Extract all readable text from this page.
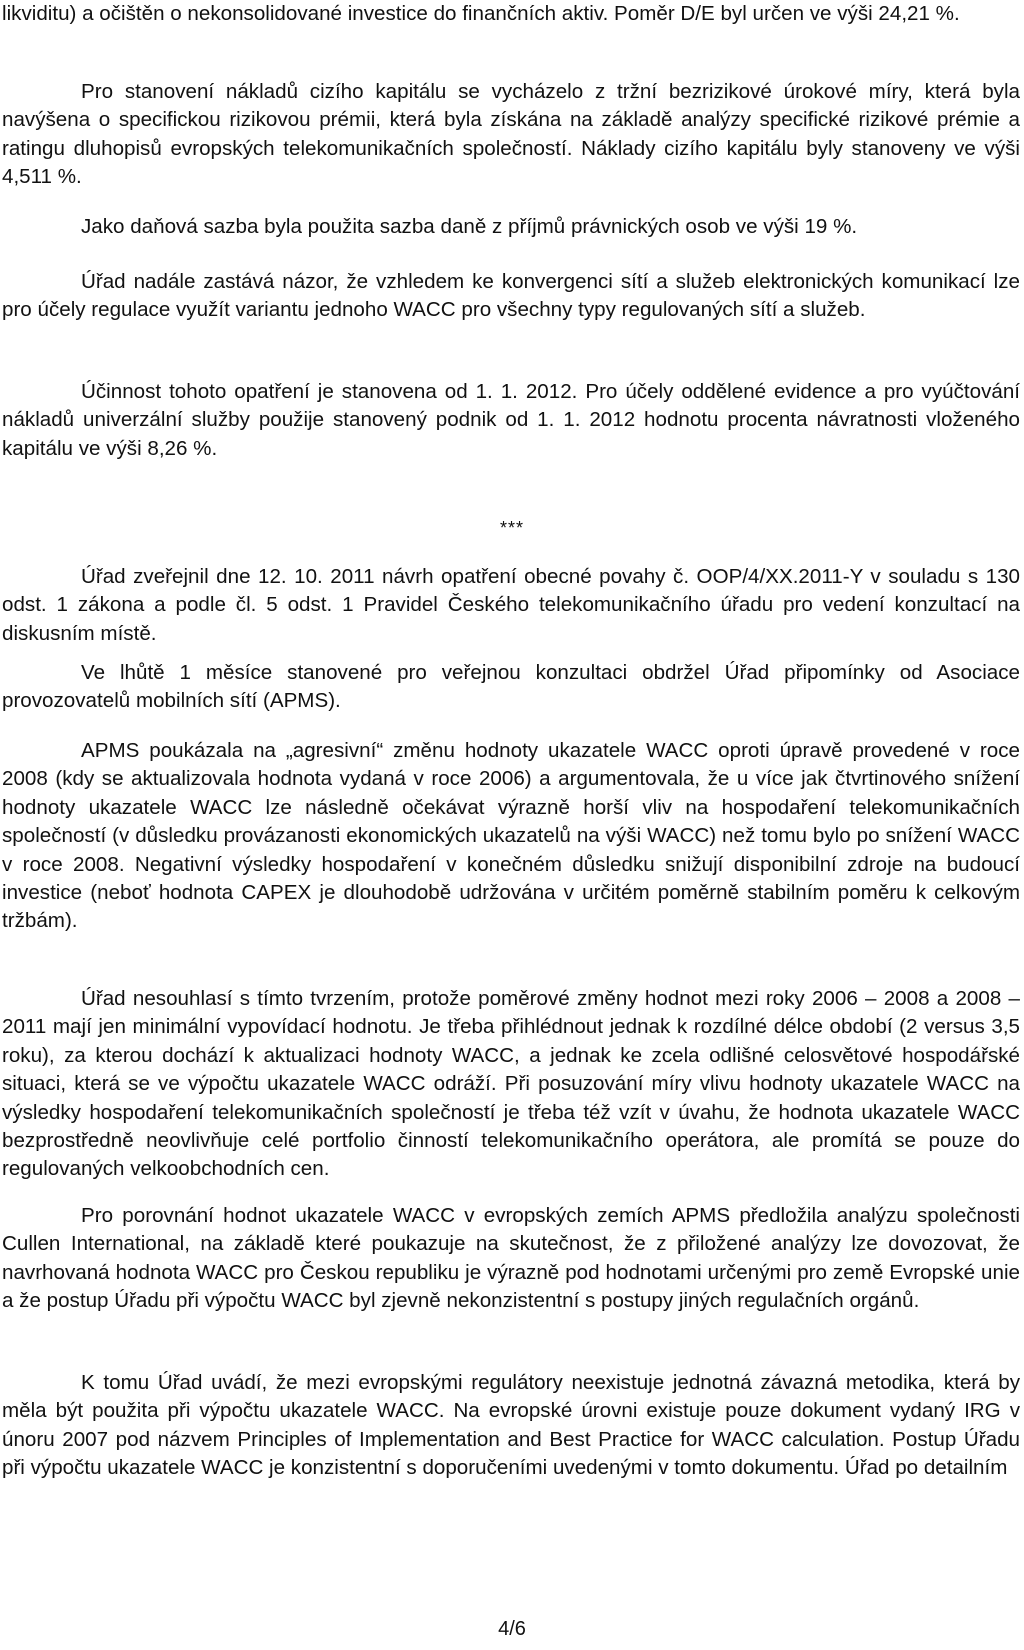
likviditu) a očištěn o nekonsolidované investice do finančních aktiv. Poměr D/E byl určen ve výši 24,21 %.

Pro stanovení nákladů cizího kapitálu se vycházelo z tržní bezrizikové úrokové míry, která byla navýšena o specifickou rizikovou prémii, která byla získána na základě analýzy specifické rizikové prémie a ratingu dluhopisů evropských telekomunikačních společností. Náklady cizího kapitálu byly stanoveny ve výši 4,511 %.

Jako daňová sazba byla použita sazba daně z příjmů právnických osob ve výši 19 %.

Úřad nadále zastává názor, že vzhledem ke konvergenci sítí a služeb elektronických komunikací lze pro účely regulace využít variantu jednoho WACC pro všechny typy regulovaných sítí a služeb.

Účinnost tohoto opatření je stanovena od 1. 1. 2012. Pro účely oddělené evidence a pro vyúčtování nákladů univerzální služby použije stanovený podnik od 1. 1. 2012 hodnotu procenta návratnosti vloženého kapitálu ve výši 8,26 %.

***

Úřad zveřejnil dne 12. 10. 2011 návrh opatření obecné povahy č. OOP/4/XX.2011-Y v souladu s 130 odst. 1 zákona a podle čl. 5 odst. 1 Pravidel Českého telekomunikačního úřadu pro vedení konzultací na diskusním místě.

Ve lhůtě 1 měsíce stanovené pro veřejnou konzultaci obdržel Úřad připomínky od Asociace provozovatelů mobilních sítí (APMS).

APMS poukázala na „agresivní“ změnu hodnoty ukazatele WACC oproti úpravě provedené v roce 2008 (kdy se aktualizovala hodnota vydaná v roce 2006) a argumentovala, že u více jak čtvrtinového snížení hodnoty ukazatele WACC lze následně očekávat výrazně horší vliv na hospodaření telekomunikačních společností (v důsledku provázanosti ekonomických ukazatelů na výši WACC) než tomu bylo po snížení WACC v roce 2008. Negativní výsledky hospodaření v konečném důsledku snižují disponibilní zdroje na budoucí investice (neboť hodnota CAPEX je dlouhodobě udržována v určitém poměrně stabilním poměru k celkovým tržbám).

Úřad nesouhlasí s tímto tvrzením, protože poměrové změny hodnot mezi roky 2006 – 2008 a 2008 – 2011 mají jen minimální vypovídací hodnotu. Je třeba přihlédnout jednak k rozdílné délce období (2 versus 3,5 roku), za kterou dochází k aktualizaci hodnoty WACC, a jednak ke zcela odlišné celosvětové hospodářské situaci, která se ve výpočtu ukazatele WACC odráží. Při posuzování míry vlivu hodnoty ukazatele WACC na výsledky hospodaření telekomunikačních společností je třeba též vzít v úvahu, že hodnota ukazatele WACC bezprostředně neovlivňuje celé portfolio činností telekomunikačního operátora, ale promítá se pouze do regulovaných velkoobchodních cen.

Pro porovnání hodnot ukazatele WACC v evropských zemích APMS předložila analýzu společnosti Cullen International, na základě které poukazuje na skutečnost, že z přiložené analýzy lze dovozovat, že navrhovaná hodnota WACC pro Českou republiku je výrazně pod hodnotami určenými pro země Evropské unie a že postup Úřadu při výpočtu WACC byl zjevně nekonzistentní s postupy jiných regulačních orgánů.

K tomu Úřad uvádí, že mezi evropskými regulátory neexistuje jednotná závazná metodika, která by měla být použita při výpočtu ukazatele WACC. Na evropské úrovni existuje pouze dokument vydaný IRG v únoru 2007 pod názvem Principles of Implementation and Best Practice for WACC calculation. Postup Úřadu při výpočtu ukazatele WACC je konzistentní s doporučeními uvedenými v tomto dokumentu. Úřad po detailním

4/6
